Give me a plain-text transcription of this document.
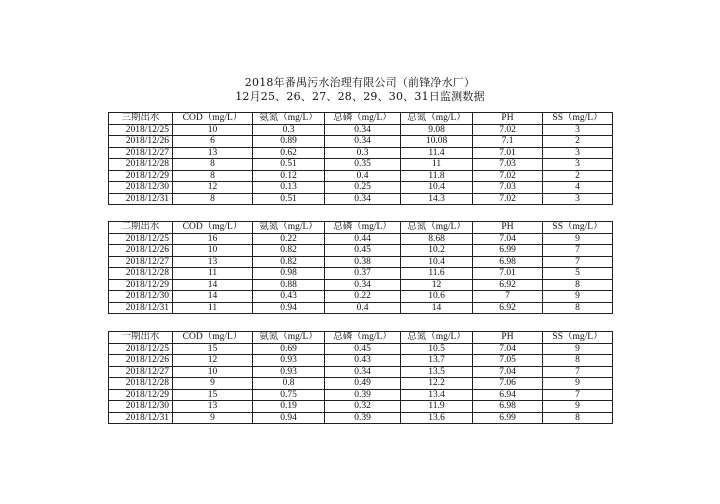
2018年番禺污水治理有限公司（前锋净水厂）
12月25、26、27、28、29、30、31日监测数据
三期出水	COD（mg/L）	氨氮（mg/L）	总磷（mg/L）	总氮（mg/L）	PH	SS（mg/L）
2018/12/25	10	0.3	0.34	9.08	7.02	3
2018/12/26	6	0.89	0.34	10.08	7.1	2
2018/12/27	13	0.62	0.3	11.4	7.01	3
2018/12/28	8	0.51	0.35	11	7.03	3
2018/12/29	8	0.12	0.4	11.8	7.02	2
2018/12/30	12	0.13	0.25	10.4	7.03	4
2018/12/31	8	0.51	0.34	14.3	7.02	3
二期出水	COD（mg/L）	氨氮（mg/L）	总磷（mg/L）	总氮（mg/L）	PH	SS（mg/L）
2018/12/25	16	0.22	0.44	8.68	7.04	9
2018/12/26	10	0.82	0.45	10.2	6.99	7
2018/12/27	13	0.82	0.38	10.4	6.98	7
2018/12/28	11	0.98	0.37	11.6	7.01	5
2018/12/29	14	0.88	0.34	12	6.92	8
2018/12/30	14	0.43	0.22	10.6	7	9
2018/12/31	11	0.94	0.4	14	6.92	8
一期出水	COD（mg/L）	氨氮（mg/L）	总磷（mg/L）	总氮（mg/L）	PH	SS（mg/L）
2018/12/25	15	0.69	0.45	10.5	7.04	9
2018/12/26	12	0.93	0.43	13.7	7.05	8
2018/12/27	10	0.93	0.34	13.5	7.04	7
2018/12/28	9	0.8	0.49	12.2	7.06	9
2018/12/29	15	0.75	0.39	13.4	6.94	7
2018/12/30	13	0.19	0.32	11.9	6.98	9
2018/12/31	9	0.94	0.39	13.6	6.99	8
